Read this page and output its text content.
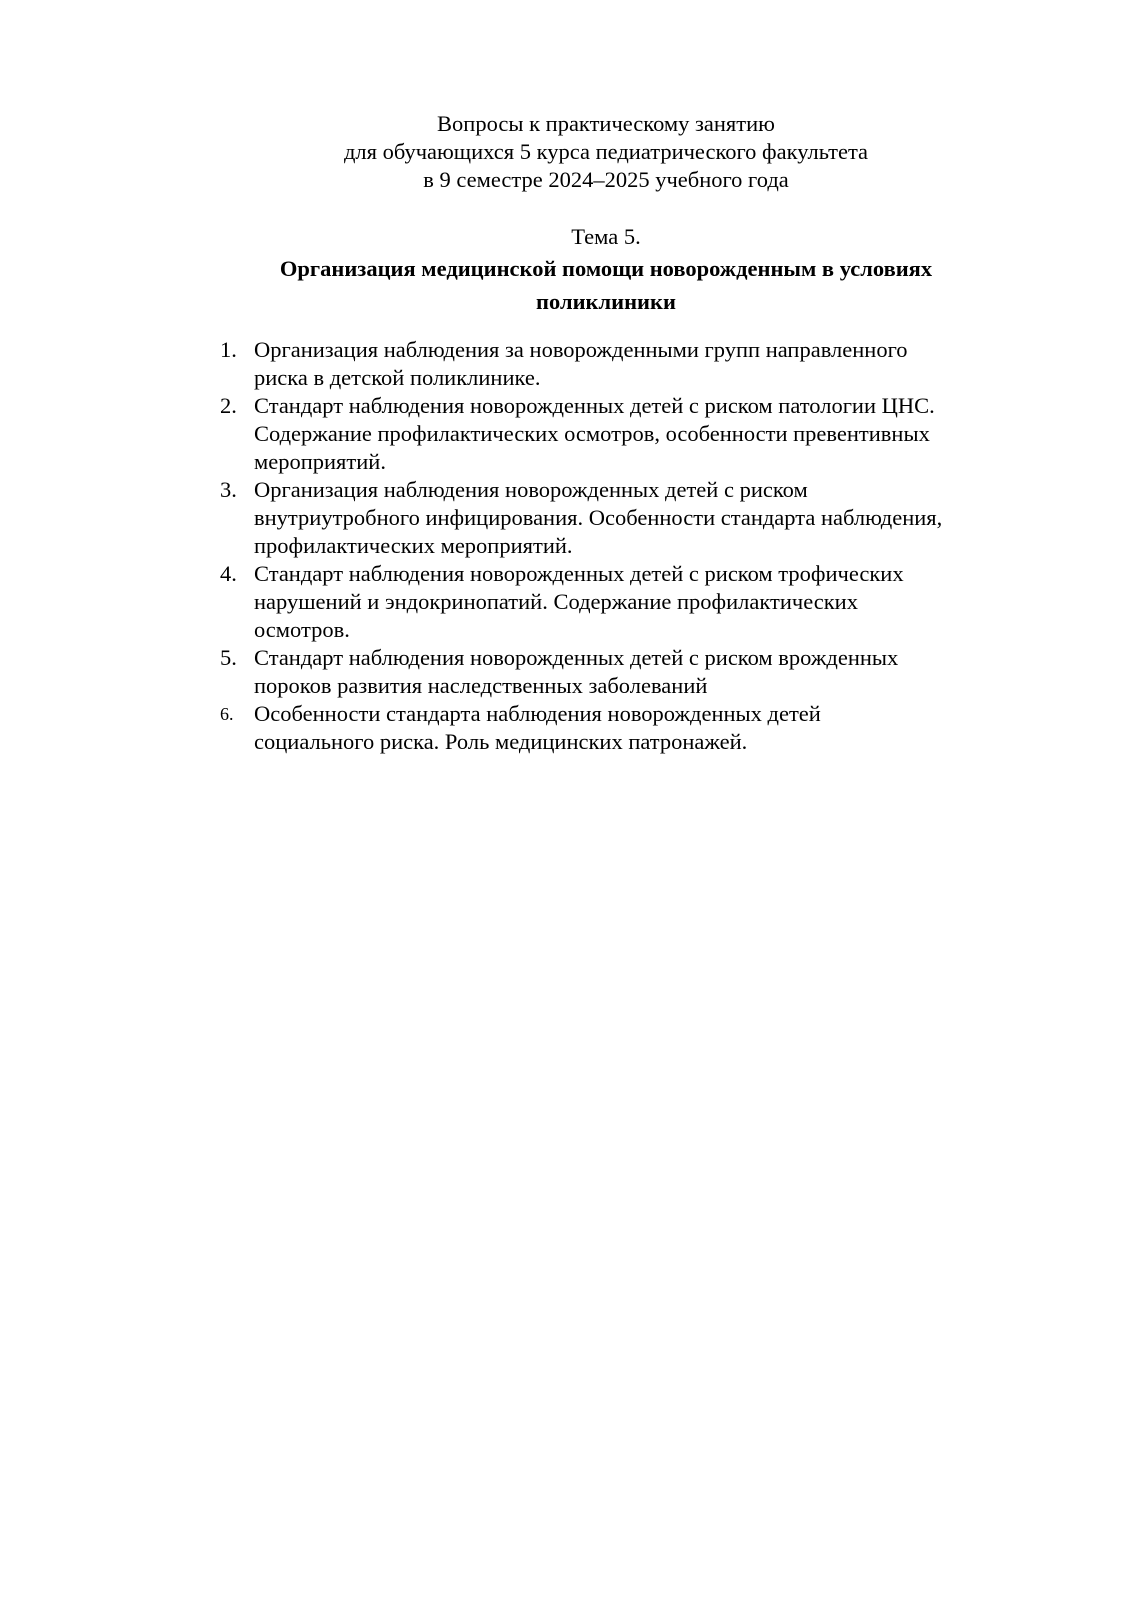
Вопросы к практическому занятию
для обучающихся 5 курса педиатрического факультета
в 9 семестре 2024–2025 учебного года
Тема 5.
Организация медицинской помощи новорожденным в условиях
поликлиники
1. Организация наблюдения за новорожденными групп направленного
риска в детской поликлинике.
2. Стандарт наблюдения новорожденных детей с риском патологии ЦНС.
Содержание профилактических осмотров, особенности превентивных
мероприятий.
3. Организация наблюдения новорожденных детей с риском
внутриутробного инфицирования. Особенности стандарта наблюдения,
профилактических мероприятий.
4. Стандарт наблюдения новорожденных детей с риском трофических
нарушений и эндокринопатий. Содержание профилактических
осмотров.
5. Стандарт наблюдения новорожденных детей с риском врожденных
пороков развития наследственных заболеваний
6. Особенности стандарта наблюдения новорожденных детей
социального риска. Роль медицинских патронажей.
